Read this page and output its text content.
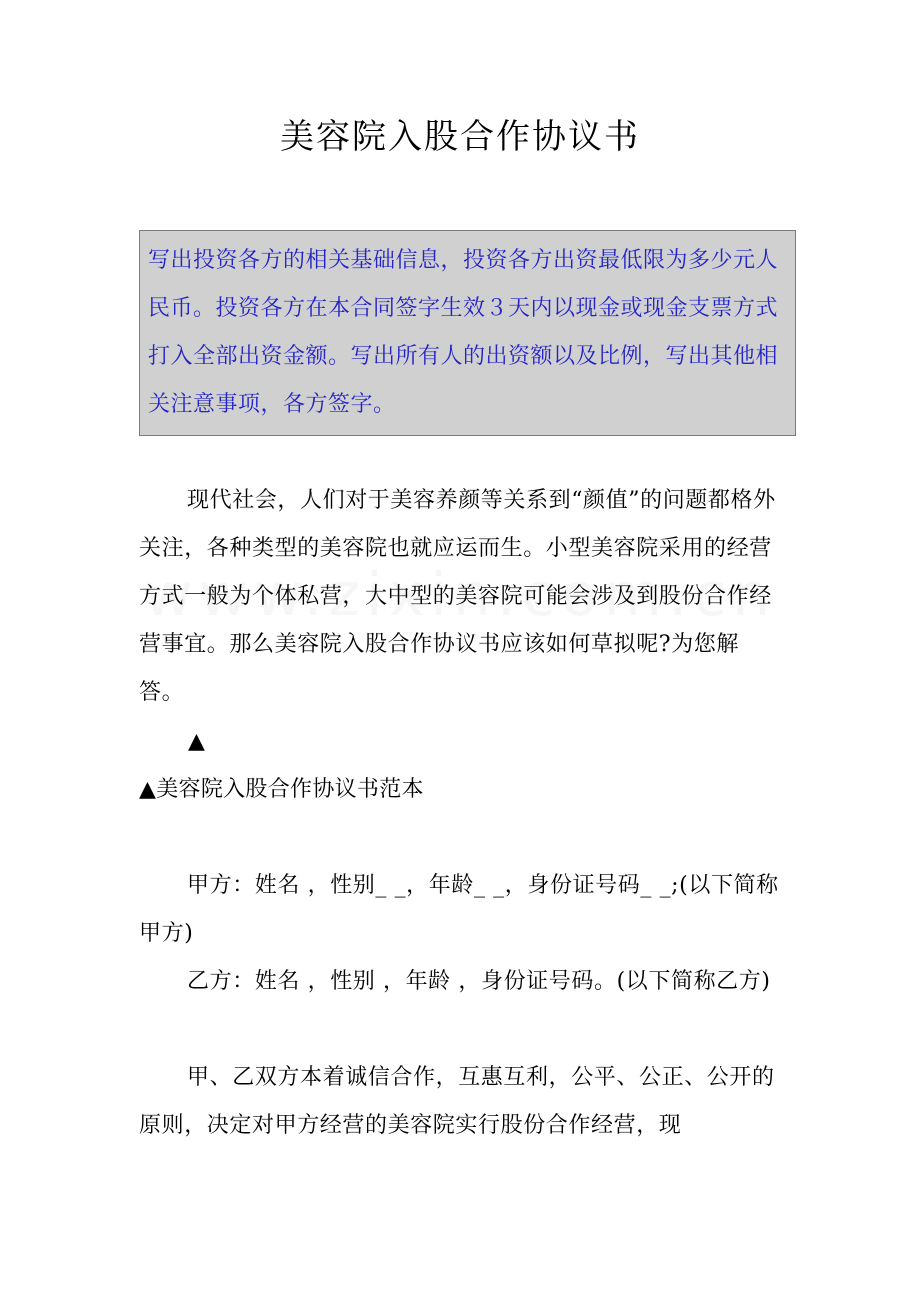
美容院入股合作协议书
写出投资各方的相关基础信息，投资各方出资最低限为多少元人民币。投资各方在本合同签字生效３天内以现金或现金支票方式打入全部出资金额。写出所有人的出资额以及比例，写出其他相关注意事项，各方签字。
现代社会，人们对于美容养颜等关系到“颜值”的问题都格外关注，各种类型的美容院也就应运而生。小型美容院采用的经营方式一般为个体私营，大中型的美容院可能会涉及到股份合作经营事宜。那么美容院入股合作协议书应该如何草拟呢?为您解答。
▲
▲美容院入股合作协议书范本
甲方：姓名 ，性别_ _，年龄_ _，身份证号码_ _;(以下简称甲方)
乙方：姓名 ，性别 ，年龄 ，身份证号码。(以下简称乙方)
甲、乙双方本着诚信合作，互惠互利，公平、公正、公开的原则，决定对甲方经营的美容院实行股份合作经营，现
